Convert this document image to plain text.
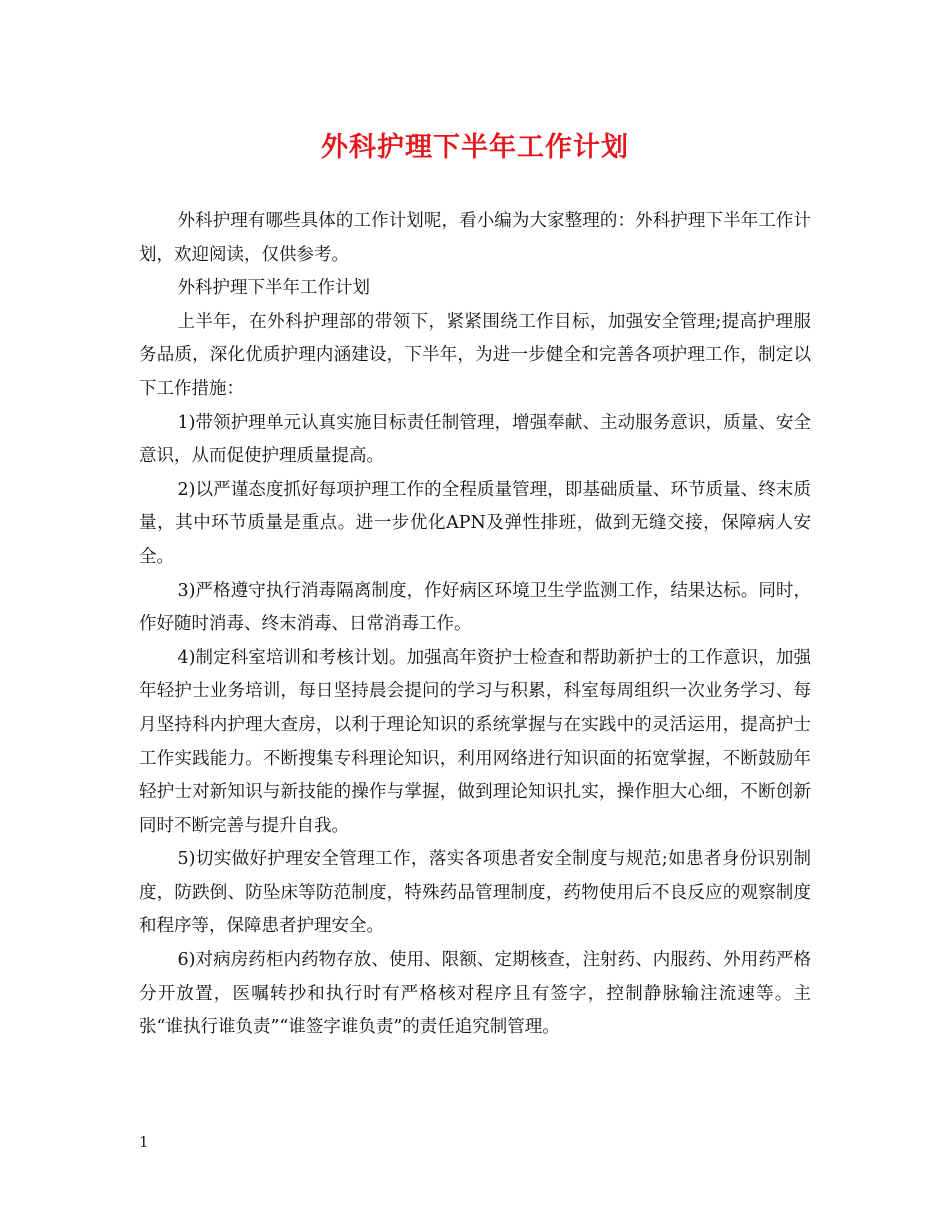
外科护理下半年工作计划

外科护理有哪些具体的工作计划呢，看小编为大家整理的：外科护理下半年工作计划，欢迎阅读，仅供参考。

外科护理下半年工作计划

上半年，在外科护理部的带领下，紧紧围绕工作目标，加强安全管理;提高护理服务品质，深化优质护理内涵建设，下半年，为进一步健全和完善各项护理工作，制定以下工作措施：

1)带领护理单元认真实施目标责任制管理，增强奉献、主动服务意识，质量、安全意识，从而促使护理质量提高。

2)以严谨态度抓好每项护理工作的全程质量管理，即基础质量、环节质量、终末质量，其中环节质量是重点。进一步优化APN及弹性排班，做到无缝交接，保障病人安全。

3)严格遵守执行消毒隔离制度，作好病区环境卫生学监测工作，结果达标。同时，作好随时消毒、终末消毒、日常消毒工作。

4)制定科室培训和考核计划。加强高年资护士检查和帮助新护士的工作意识，加强年轻护士业务培训，每日坚持晨会提问的学习与积累，科室每周组织一次业务学习、每月坚持科内护理大查房，以利于理论知识的系统掌握与在实践中的灵活运用，提高护士工作实践能力。不断搜集专科理论知识，利用网络进行知识面的拓宽掌握，不断鼓励年轻护士对新知识与新技能的操作与掌握，做到理论知识扎实，操作胆大心细，不断创新同时不断完善与提升自我。

5)切实做好护理安全管理工作，落实各项患者安全制度与规范;如患者身份识别制度，防跌倒、防坠床等防范制度，特殊药品管理制度，药物使用后不良反应的观察制度和程序等，保障患者护理安全。

6)对病房药柜内药物存放、使用、限额、定期核查，注射药、内服药、外用药严格分开放置，医嘱转抄和执行时有严格核对程序且有签字，控制静脉输注流速等。主张“谁执行谁负责”“谁签字谁负责”的责任追究制管理。

1
